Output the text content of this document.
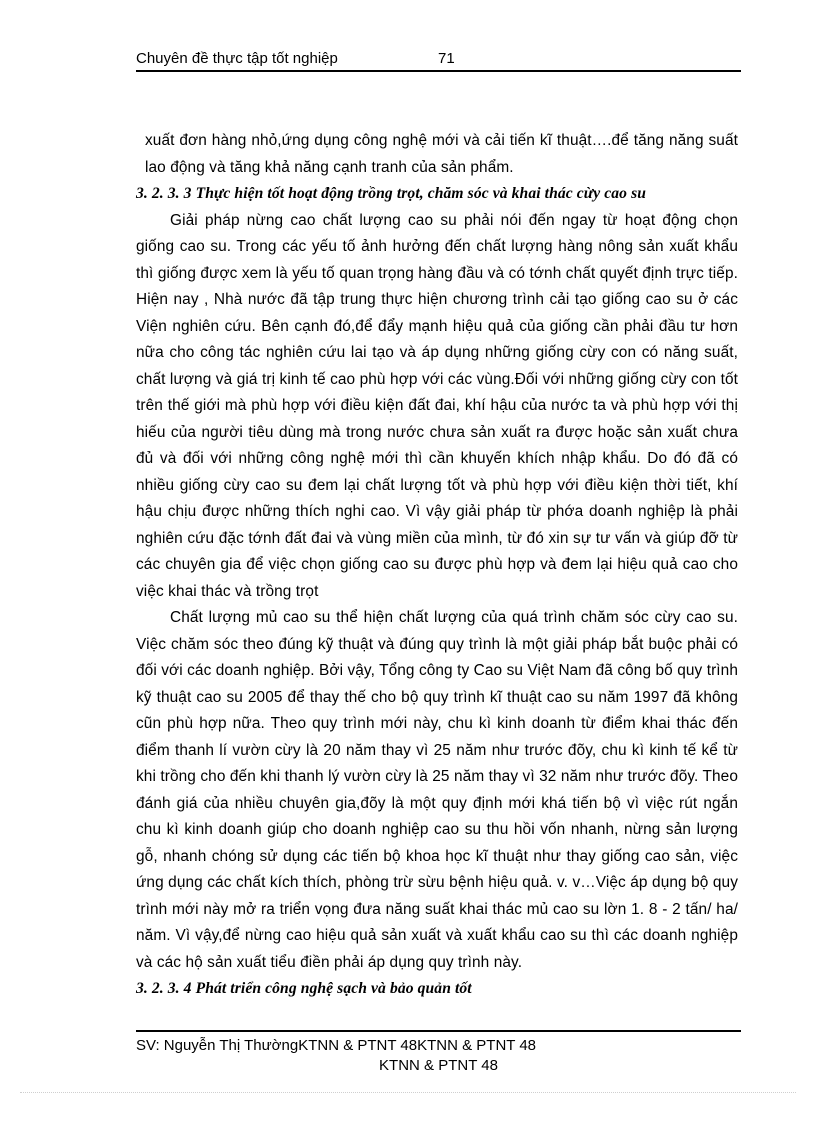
Chuyên đề thực tập tốt nghiệp	71

xuất đơn hàng nhỏ,ứng dụng công nghệ mới và cải tiến kĩ thuật….để tăng năng suất lao động và tăng khả năng cạnh tranh của sản phẩm.

3. 2. 3. 3 Thực hiện tốt hoạt động trồng trọt, chăm sóc và khai thác cừy cao su

Giải pháp nừng cao chất lượng cao su phải nói đến ngay từ hoạt động chọn giống cao su. Trong các yếu tố ảnh hưởng đến chất lượng hàng nông sản xuất khẩu thì giống được xem là yếu tố quan trọng hàng đầu và có tớnh chất quyết định trực tiếp. Hiện nay , Nhà nước đã tập trung thực hiện chương trình cải tạo giống cao su ở các Viện nghiên cứu. Bên cạnh đó,để đẩy mạnh hiệu quả của giống cần phải đầu tư hơn nữa cho công tác nghiên cứu lai tạo và áp dụng những giống cừy con có năng suất, chất lượng và giá trị kinh tế cao phù hợp với các vùng.Đối với những giống cừy con tốt trên thế giới mà phù hợp với điều kiện đất đai, khí hậu của nước ta và phù hợp với thị hiếu của người tiêu dùng mà trong nước chưa sản xuất ra được hoặc sản xuất chưa đủ và đối với những công nghệ mới thì cần khuyến khích nhập khẩu. Do đó đã có nhiều giống cừy cao su đem lại chất lượng tốt và phù hợp với điều kiện thời tiết, khí hậu chịu được những thích nghi cao. Vì vậy giải pháp từ phớa doanh nghiệp là phải nghiên cứu đặc tớnh đất đai và vùng miền của mình, từ đó xin sự tư vấn và giúp đỡ từ các chuyên gia để việc chọn giống cao su được phù hợp và đem lại hiệu quả cao cho việc khai thác và trồng trọt

Chất lượng mủ cao su thể hiện chất lượng của quá trình chăm sóc cừy cao su. Việc chăm sóc theo đúng kỹ thuật và đúng quy trình là một giải pháp bắt buộc phải có đối với các doanh nghiệp. Bởi vậy, Tổng công ty Cao su Việt Nam đã công bố quy trình kỹ thuật cao su 2005 để thay thế cho bộ quy trình kĩ thuật cao su năm 1997 đã không cũn phù hợp nữa. Theo quy trình mới này, chu kì kinh doanh từ điểm khai thác đến điểm thanh lí vườn cừy là 20 năm thay vì 25 năm như trước đõy, chu kì kinh tế kể từ khi trồng cho đến khi thanh lý vườn cừy là 25 năm thay vì 32 năm như trước đõy. Theo đánh giá của nhiều chuyên gia,đõy là một quy định mới khá tiến bộ vì việc rút ngắn chu kì kinh doanh giúp cho doanh nghiệp cao su thu hồi vốn nhanh, nừng sản lượng gỗ, nhanh chóng sử dụng các tiến bộ khoa học kĩ thuật như thay giống cao sản, việc ứng dụng các chất kích thích, phòng trừ sừu bệnh hiệu quả. v. v…Việc áp dụng bộ quy trình mới này mở ra triển vọng đưa năng suất khai thác mủ cao su lờn 1. 8 - 2 tấn/ ha/ năm. Vì vậy,để nừng cao hiệu quả sản xuất và xuất khẩu cao su thì các doanh nghiệp và các hộ sản xuất tiểu điền phải áp dụng quy trình này.

3. 2. 3. 4 Phát triển công nghệ sạch và bảo quản tốt
SV: Nguyễn Thị ThườngKTNN & PTNT 48KTNN & PTNT 48
KTNN & PTNT 48
